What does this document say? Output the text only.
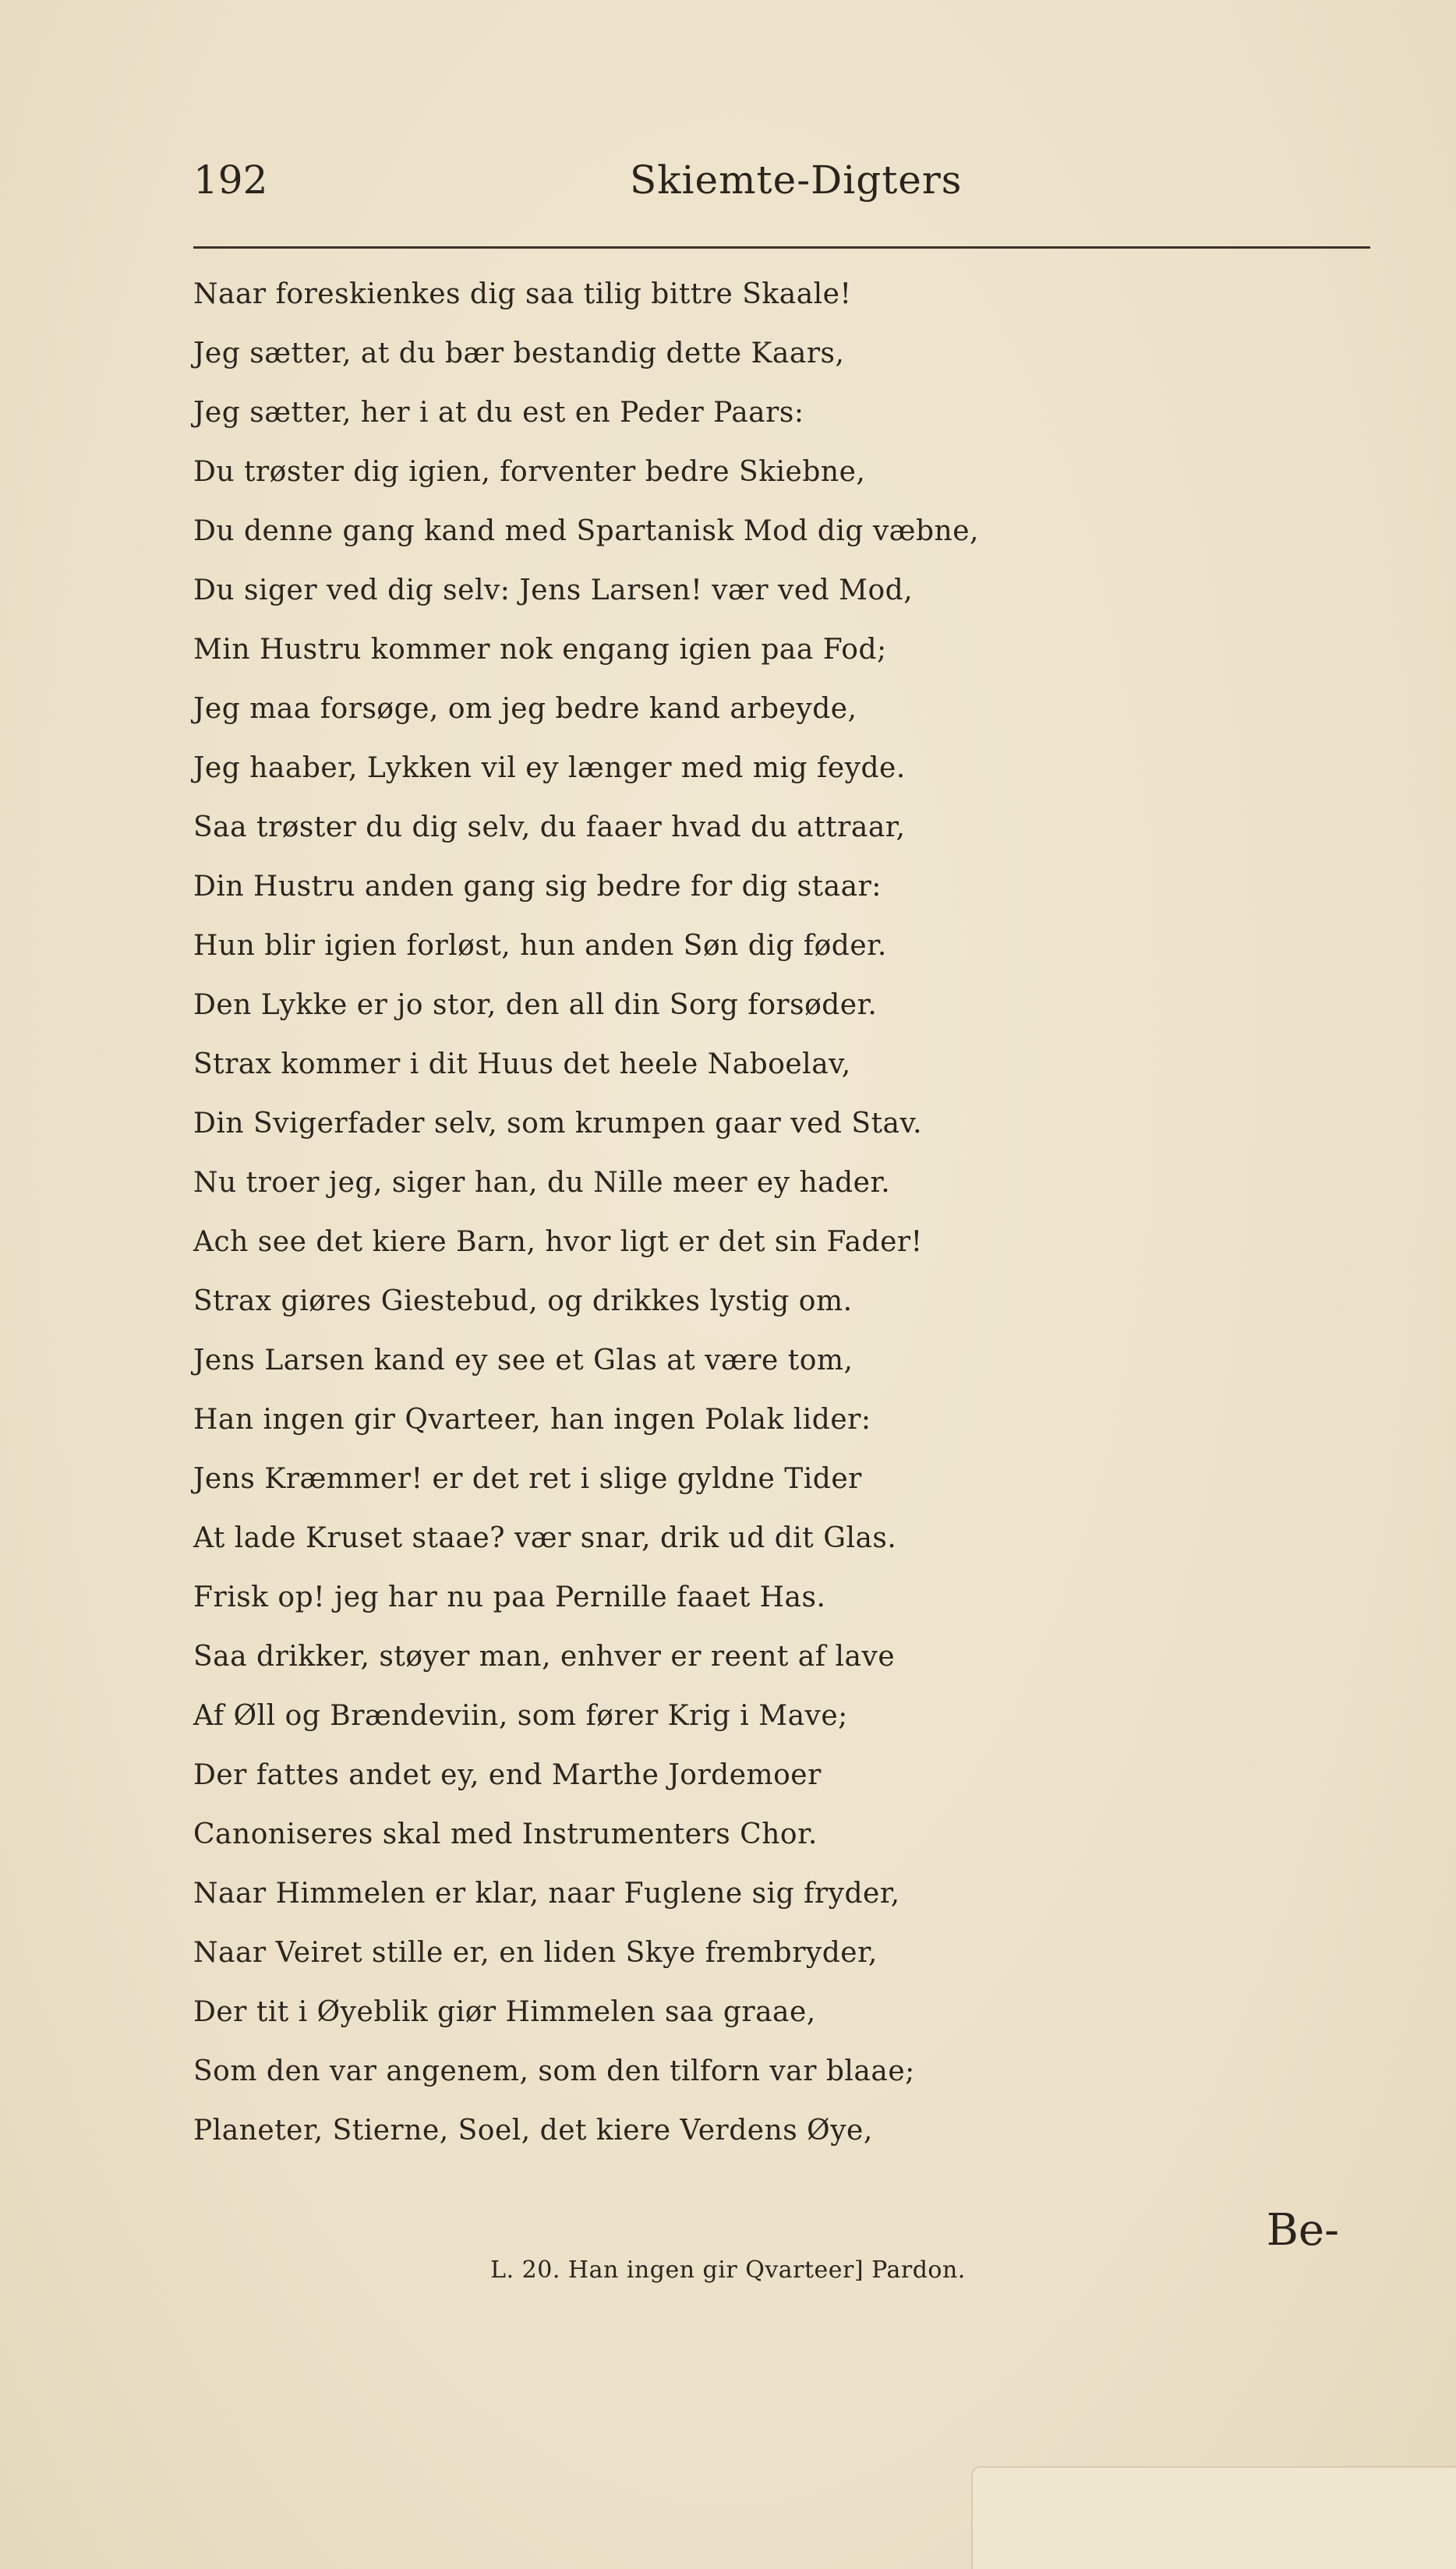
192	Skiemte-Digters
Naar foreskienkes dig saa tilig bittre Skaale!
Jeg sætter, at du bær bestandig dette Kaars,
Jeg sætter, her i at du est en Peder Paars:
Du trøster dig igien, forventer bedre Skiebne,
Du denne gang kand med Spartanisk Mod dig væbne,
Du siger ved dig selv: Jens Larsen! vær ved Mod,
Min Hustru kommer nok engang igien paa Fod;
Jeg maa forsøge, om jeg bedre kand arbeyde,
Jeg haaber, Lykken vil ey længer med mig feyde.
Saa trøster du dig selv, du faaer hvad du attraar,
Din Hustru anden gang sig bedre for dig staar:
Hun blir igien forløst, hun anden Søn dig føder.
Den Lykke er jo stor, den all din Sorg forsøder.
Strax kommer i dit Huus det heele Naboelav,
Din Svigerfader selv, som krumpen gaar ved Stav.
Nu troer jeg, siger han, du Nille meer ey hader.
Ach see det kiere Barn, hvor ligt er det sin Fader!
Strax giøres Giestebud, og drikkes lystig om.
Jens Larsen kand ey see et Glas at være tom,
Han ingen gir Qvarteer, han ingen Polak lider:
Jens Kræmmer! er det ret i slige gyldne Tider
At lade Kruset staae? vær snar, drik ud dit Glas.
Frisk op! jeg har nu paa Pernille faaet Has.
Saa drikker, støyer man, enhver er reent af lave
Af Øll og Brændeviin, som fører Krig i Mave;
Der fattes andet ey, end Marthe Jordemoer
Canoniseres skal med Instrumenters Chor.
Naar Himmelen er klar, naar Fuglene sig fryder,
Naar Veiret stille er, en liden Skye frembryder,
Der tit i Øyeblik giør Himmelen saa graae,
Som den var angenem, som den tilforn var blaae;
Planeter, Stierne, Soel, det kiere Verdens Øye,
Be-
L. 20. Han ingen gir Qvarteer] Pardon.
